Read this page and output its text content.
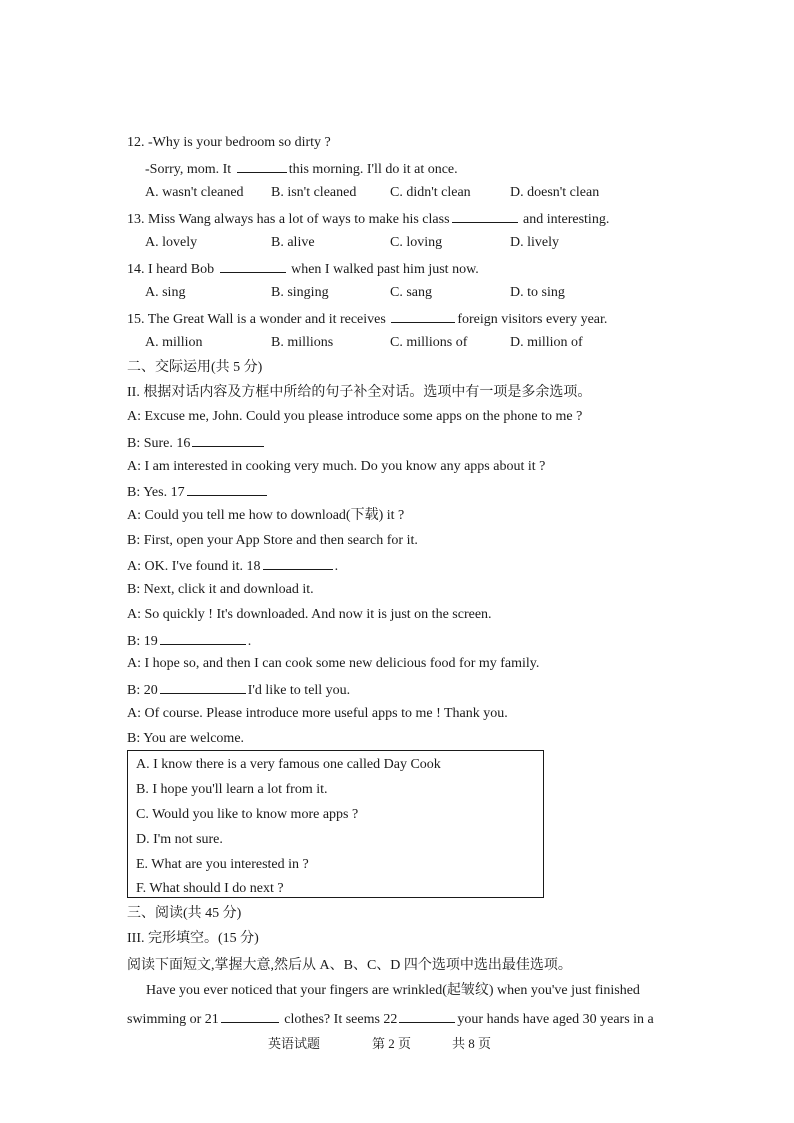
12. -Why is your bedroom so dirty ?
-Sorry, mom. It	this morning. I'll do it at once.
A. wasn't cleaned B. isn't cleaned C. didn't clean	D. doesn't clean
13. Miss Wang always has a lot of ways to make his class	and interesting.
A. lovely	B. alive	C. loving	D. lively
14. I heard Bob	when I walked past him just now.
A. sing	B. singing	C. sang	D. to sing
15. The Great Wall is a wonder and it receives	foreign visitors every year.
A. million	B. millions	C. millions of	D. million of
二、交际运用(共 5 分)
II. 根据对话内容及方框中所给的句子补全对话。选项中有一项是多余选项。
A: Excuse me, John. Could you please introduce some apps on the phone to me ?
B: Sure. 16
A: I am interested in cooking very much. Do you know any apps about it ?
B: Yes. 17
A: Could you tell me how to download(下载) it ?
B: First, open your App Store and then search for it.
A: OK. I've found it. 18	.
B: Next, click it and download it.
A: So quickly ! It's downloaded. And now it is just on the screen.
B: 19	.
A: I hope so, and then I can cook some new delicious food for my family.
B: 20	I'd like to tell you.
A: Of course. Please introduce more useful apps to me ! Thank you.
B: You are welcome.
A. I know there is a very famous one called Day Cook
B. I hope you'll learn a lot from it.
C. Would you like to know more apps ?
D. I'm not sure.
E. What are you interested in ?
F. What should I do next ?
三、阅读(共 45 分)
III. 完形填空。(15 分)
阅读下面短文,掌握大意,然后从 A、B、C、D 四个选项中选出最佳选项。
Have you ever noticed that your fingers are wrinkled(起皱纹) when you've just finished
swimming or 21	clothes? It seems 22	your hands have aged 30 years in a
英语试题	第 2 页	共 8 页
